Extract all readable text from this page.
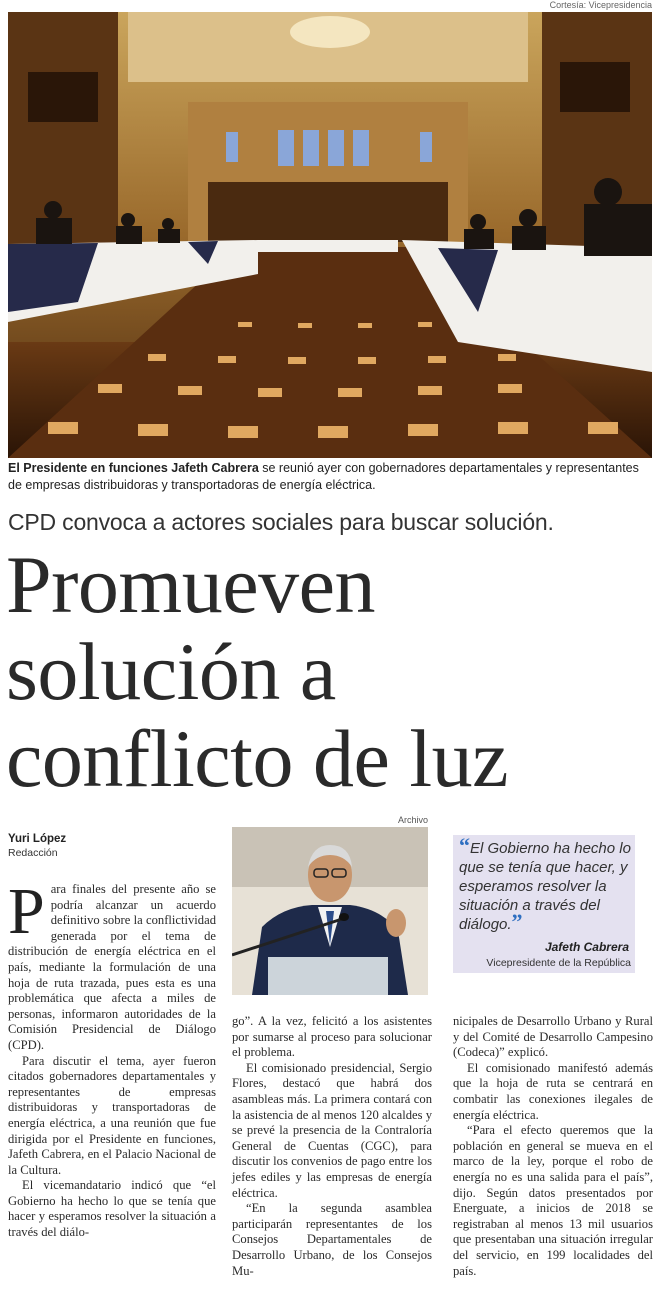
Cortesía: Vicepresidencia
El Presidente en funciones Jafeth Cabrera se reunió ayer con gobernadores departamentales y representantes de empresas distribuidoras y transportadoras de energía eléctrica.
CPD convoca a actores sociales para buscar solución.
Promueven
solución a
conflicto de luz
Yuri López
Redacción
Archivo
“El Gobierno ha hecho lo que se tenía que hacer, y esperamos resolver la situación a través del diálogo.”
Jafeth Cabrera
Vicepresidente de la República

Para finales del presente año se podría alcanzar un acuerdo definitivo sobre la conflictividad generada por el tema de distribución de energía eléctrica en el país, mediante la formulación de una hoja de ruta trazada, pues esta es una problemática que afecta a miles de personas, informaron autoridades de la Comisión Presidencial de Diálogo (CPD).

Para discutir el tema, ayer fueron citados gobernadores departamentales y representantes de empresas distribuidoras y transportadoras de energía eléctrica, a una reunión que fue dirigida por el Presidente en funciones, Jafeth Cabrera, en el Palacio Nacional de la Cultura.

El vicemandatario indicó que “el Gobierno ha hecho lo que se tenía que hacer y esperamos resolver la situación a través del diálo-

go”. A la vez, felicitó a los asistentes por sumarse al proceso para solucionar el problema.

El comisionado presidencial, Sergio Flores, destacó que habrá dos asambleas más. La primera contará con la asistencia de al menos 120 alcaldes y se prevé la presencia de la Contraloría General de Cuentas (CGC), para discutir los convenios de pago entre los jefes ediles y las empresas de energía eléctrica.

“En la segunda asamblea participarán representantes de los Consejos Departamentales de Desarrollo Urbano, de los Consejos Mu-

nicipales de Desarrollo Urbano y Rural y del Comité de Desarrollo Campesino (Codeca)” explicó.

El comisionado manifestó además que la hoja de ruta se centrará en combatir las conexiones ilegales de energía eléctrica.

“Para el efecto queremos que la población en general se mueva en el marco de la ley, porque el robo de energía no es una salida para el país”, dijo. Según datos presentados por Energuate, a inicios de 2018 se registraban al menos 13 mil usuarios que presentaban una situación irregular del servicio, en 199 localidades del país.
